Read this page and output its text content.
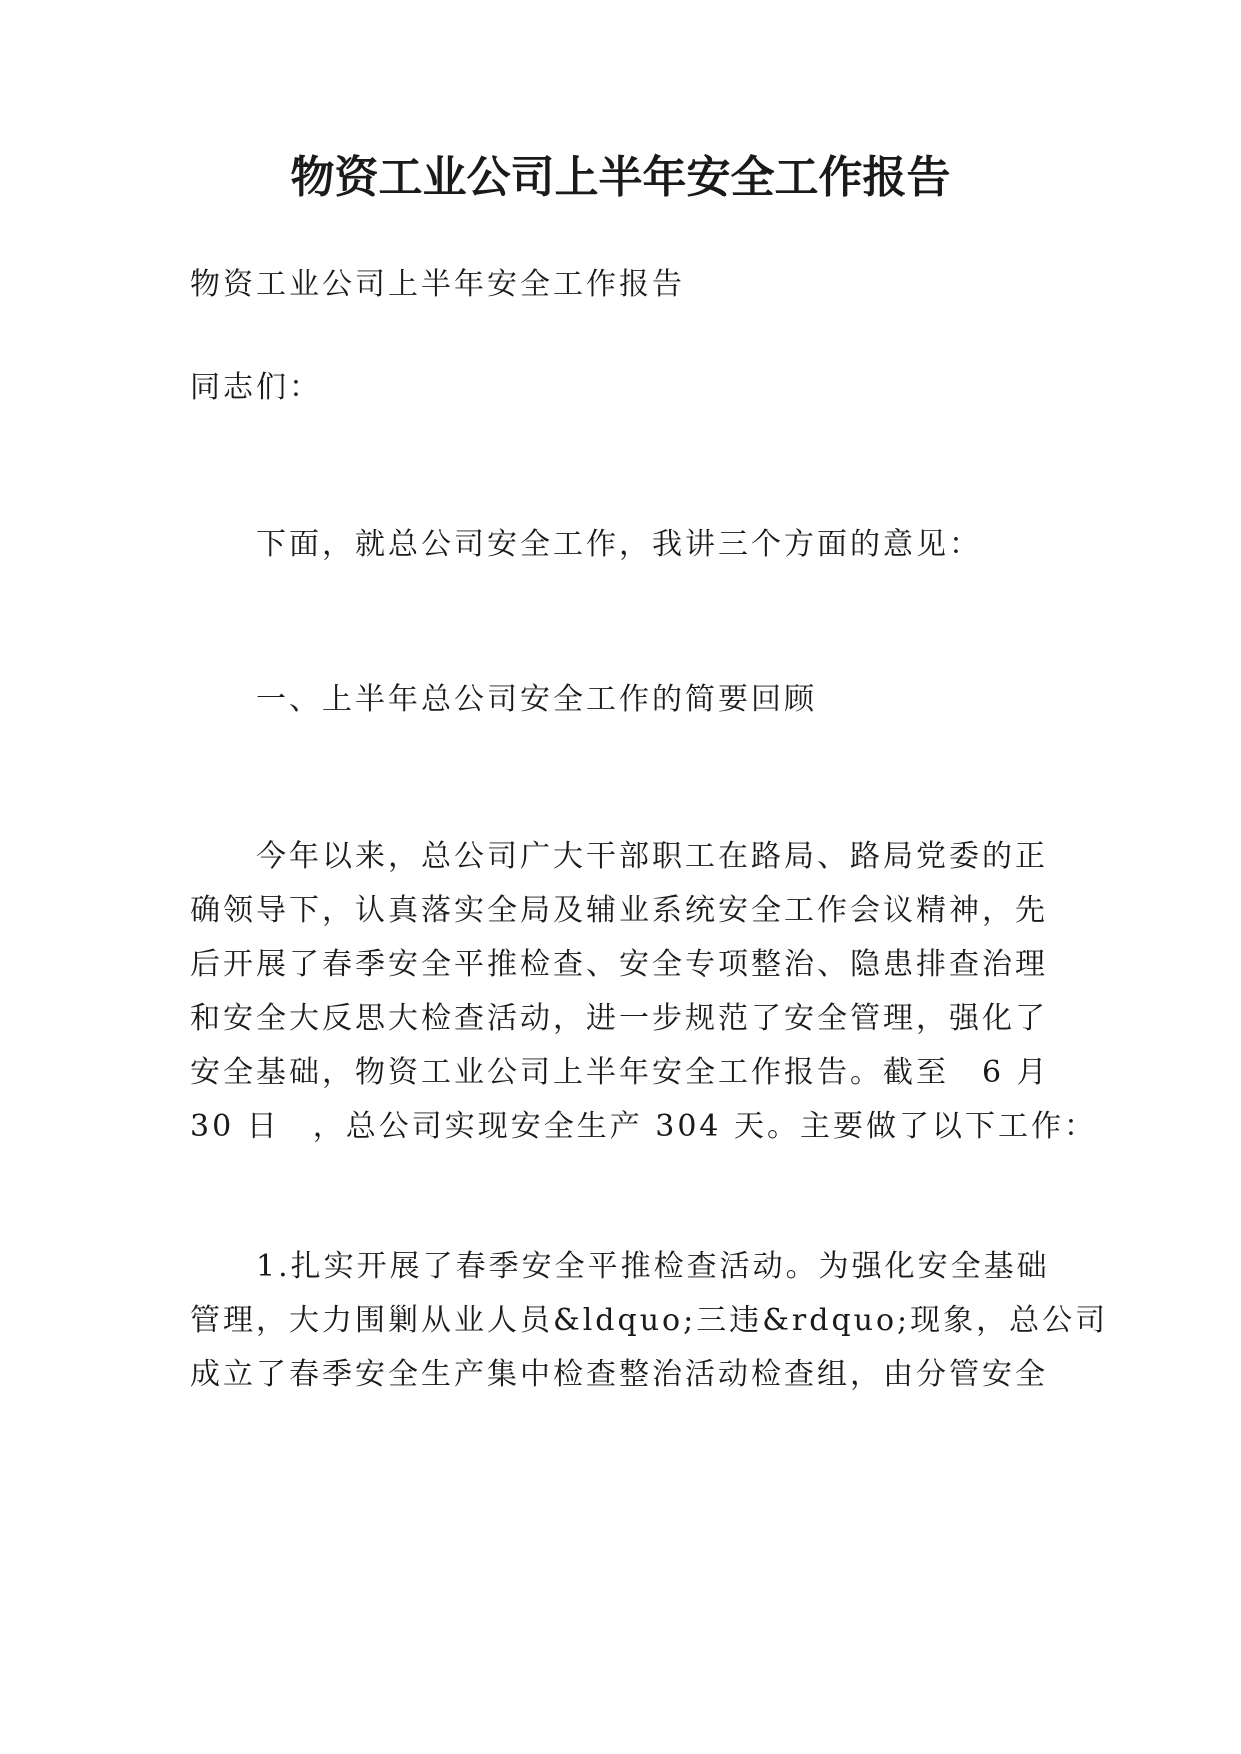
物资工业公司上半年安全工作报告

物资工业公司上半年安全工作报告

同志们：

下面，就总公司安全工作，我讲三个方面的意见：

一、上半年总公司安全工作的简要回顾

今年以来，总公司广大干部职工在路局、路局党委的正
确领导下，认真落实全局及辅业系统安全工作会议精神，先
后开展了春季安全平推检查、安全专项整治、隐患排查治理
和安全大反思大检查活动，进一步规范了安全管理，强化了
安全基础，物资工业公司上半年安全工作报告。截至　6 月
30 日　，总公司实现安全生产 304 天。主要做了以下工作：
1.扎实开展了春季安全平推检查活动。为强化安全基础
管理，大力围剿从业人员&ldquo;三违&rdquo;现象，总公司
成立了春季安全生产集中检查整治活动检查组，由分管安全
